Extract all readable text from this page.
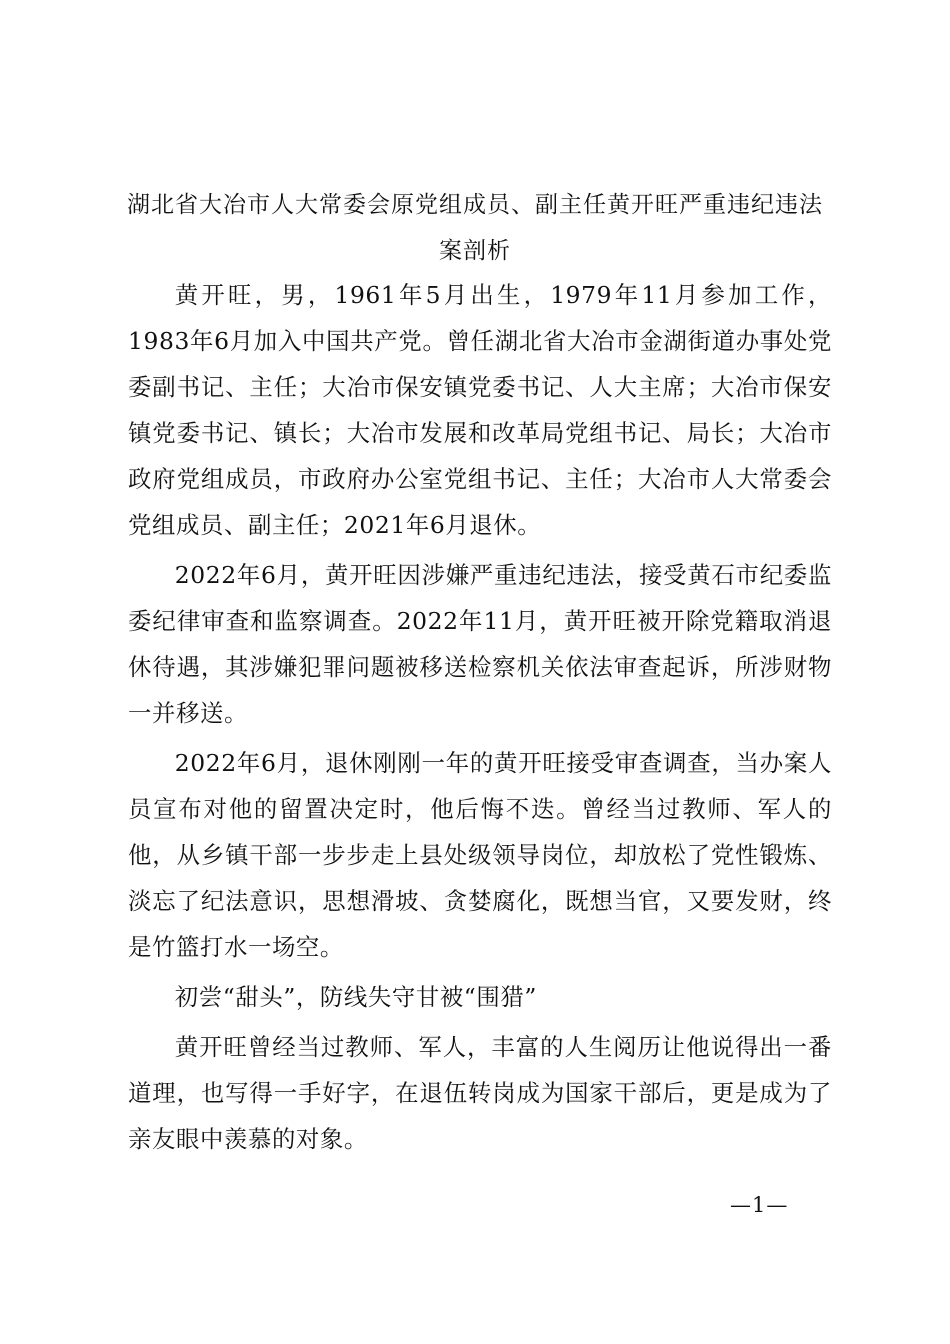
湖北省大冶市人大常委会原党组成员、副主任黄开旺严重违纪违法案剖析

黄开旺，男，1961年5月出生，1979年11月参加工作，1983年6月加入中国共产党。曾任湖北省大冶市金湖街道办事处党委副书记、主任；大冶市保安镇党委书记、人大主席；大冶市保安镇党委书记、镇长；大冶市发展和改革局党组书记、局长；大冶市政府党组成员，市政府办公室党组书记、主任；大冶市人大常委会党组成员、副主任；2021年6月退休。

2022年6月，黄开旺因涉嫌严重违纪违法，接受黄石市纪委监委纪律审查和监察调查。2022年11月，黄开旺被开除党籍取消退休待遇，其涉嫌犯罪问题被移送检察机关依法审查起诉，所涉财物一并移送。

2022年6月，退休刚刚一年的黄开旺接受审查调查，当办案人员宣布对他的留置决定时，他后悔不迭。曾经当过教师、军人的他，从乡镇干部一步步走上县处级领导岗位，却放松了党性锻炼、淡忘了纪法意识，思想滑坡、贪婪腐化，既想当官，又要发财，终是竹篮打水一场空。

初尝“甜头”，防线失守甘被“围猎”

黄开旺曾经当过教师、军人，丰富的人生阅历让他说得出一番道理，也写得一手好字，在退伍转岗成为国家干部后，更是成为了亲友眼中羡慕的对象。

—1—
